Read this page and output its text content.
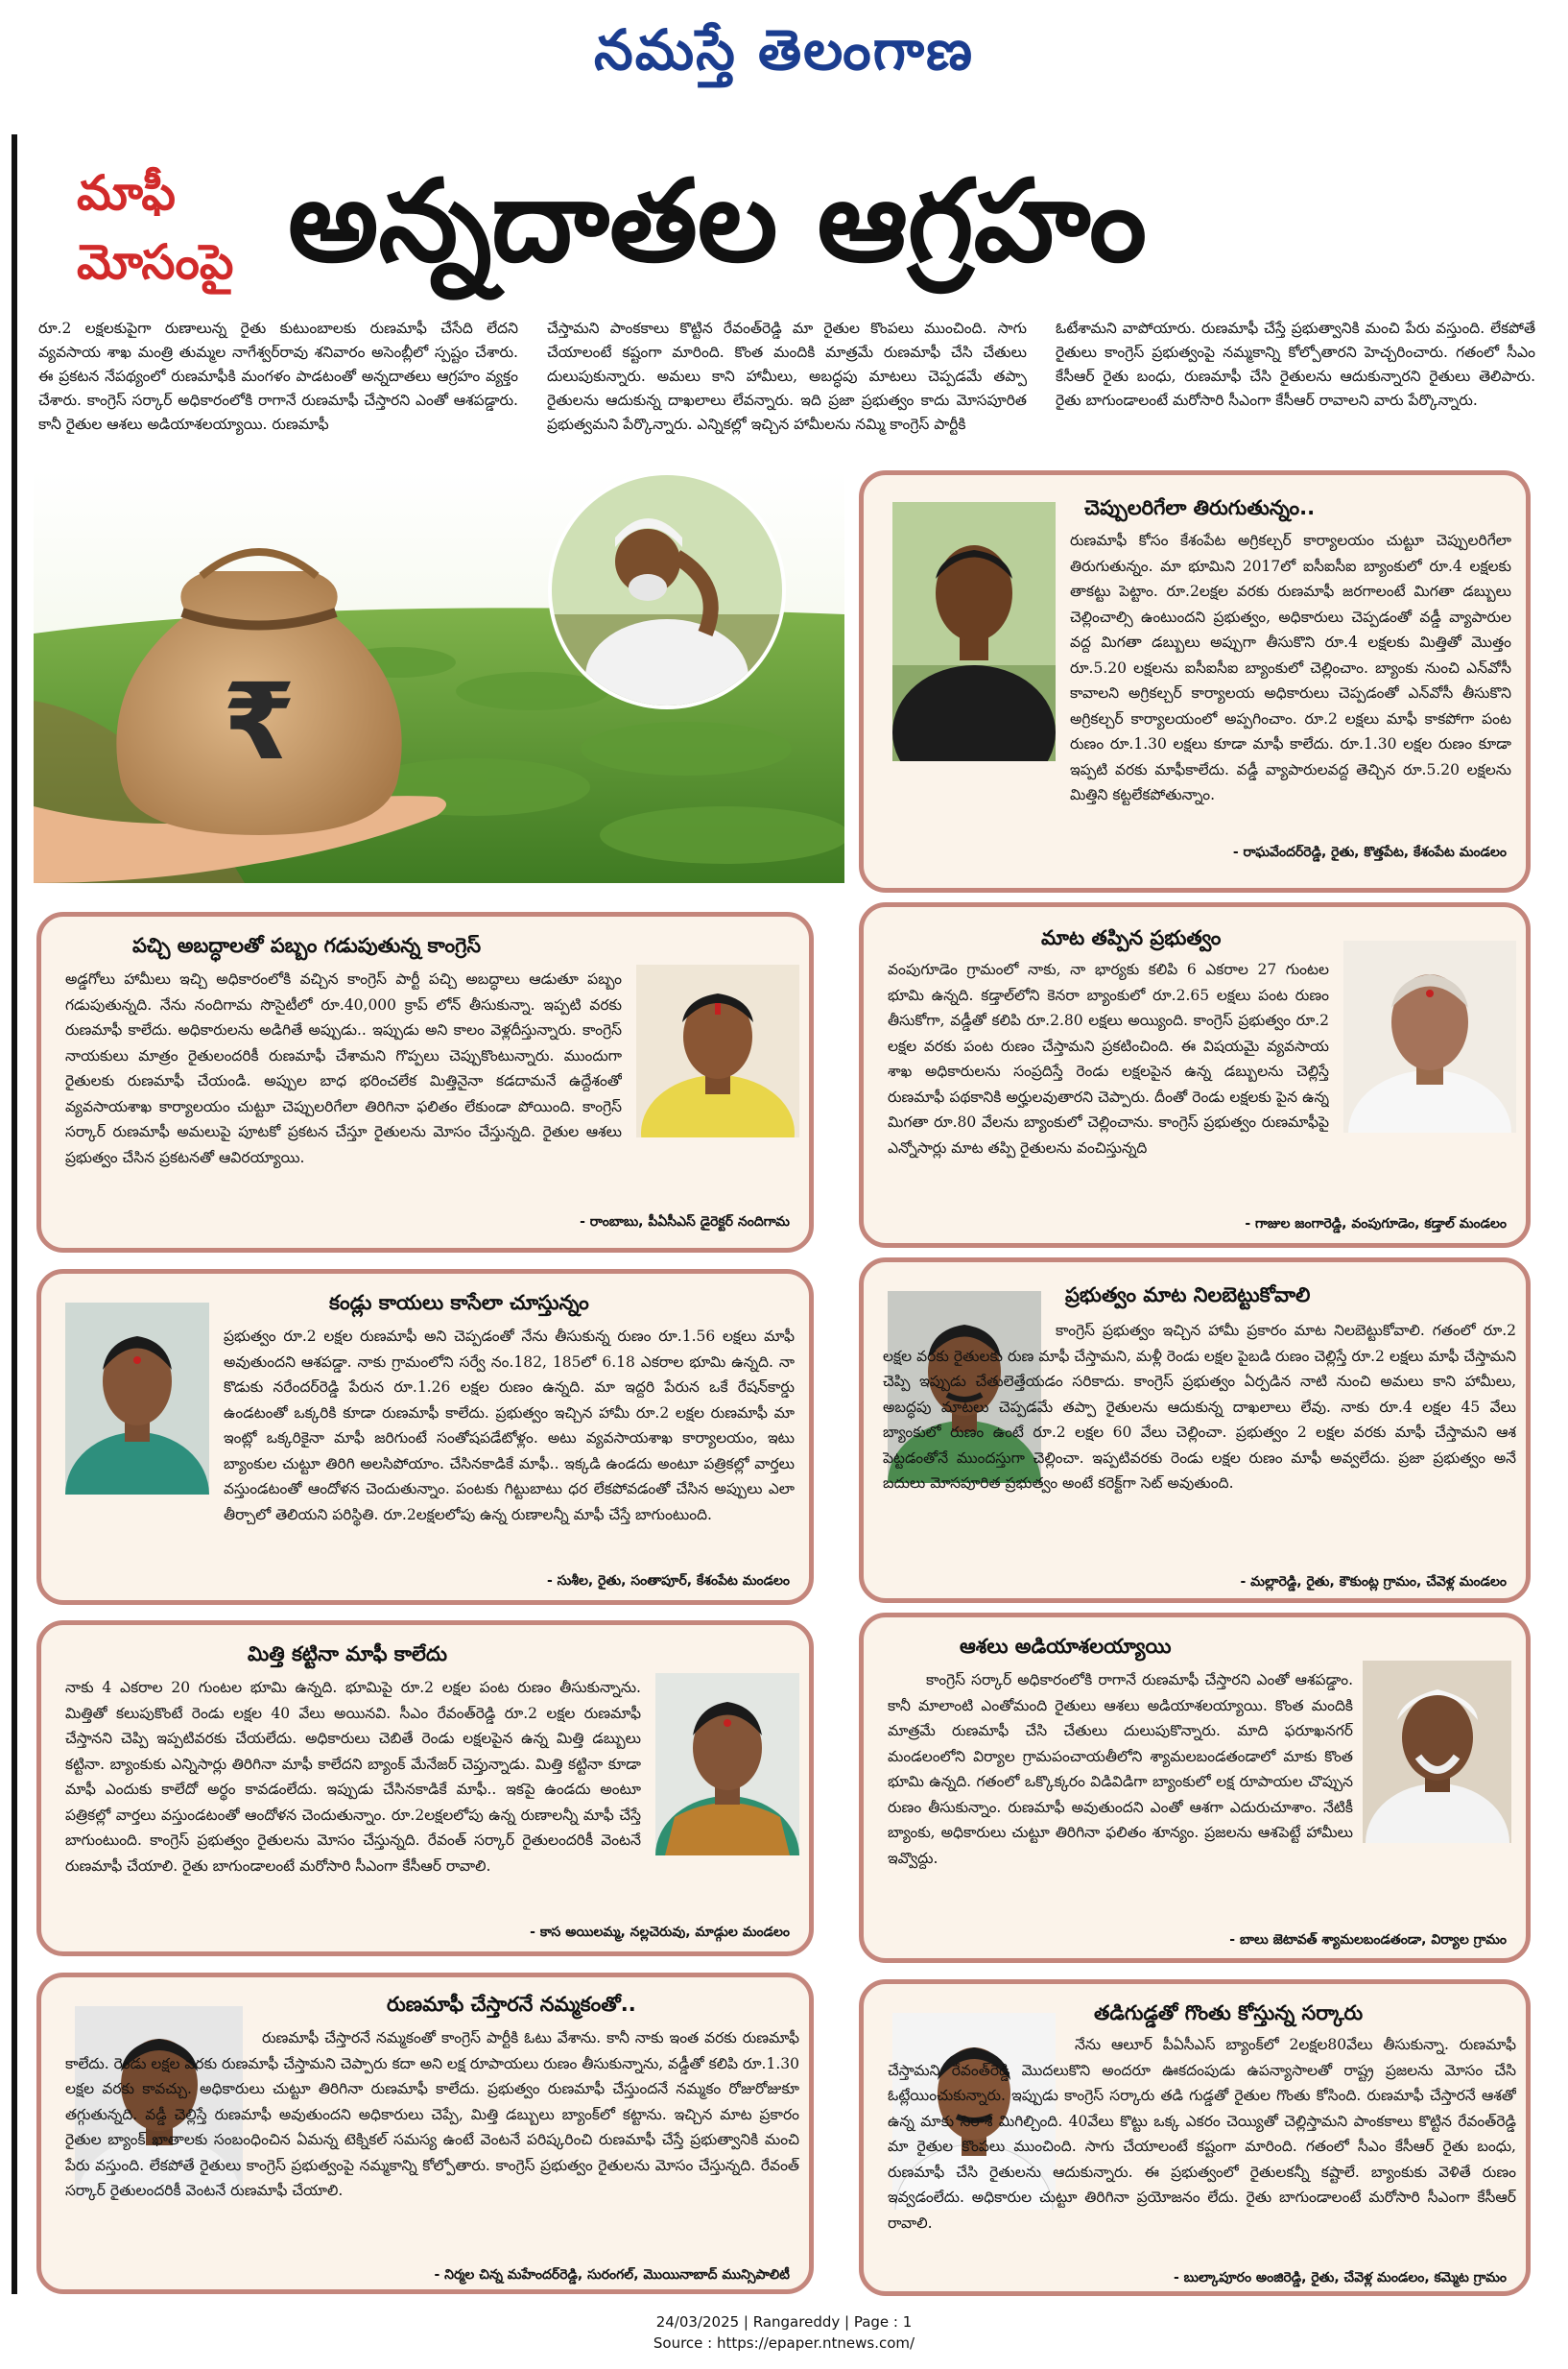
నమస్తే తెలంగాణ
మాఫీ
మోసంపై అన్నదాతల ఆగ్రహం
రూ.2 లక్షలకుపైగా రుణాలున్న రైతు కుటుంబాలకు రుణమాఫీ చేసేది లేదని వ్యవసాయ శాఖ మంత్రి తుమ్మల నాగేశ్వర్‌రావు శనివారం అసెంబ్లీలో స్పష్టం చేశారు. ఈ ప్రకటన నేపథ్యంలో రుణమాఫీకి మంగళం పాడటంతో అన్నదాతలు ఆగ్రహం వ్యక్తం చేశారు. కాంగ్రెస్ సర్కార్ అధికారంలోకి రాగానే రుణమాఫీ చేస్తారని ఎంతో ఆశపడ్డారు. కానీ రైతుల ఆశలు అడియాశలయ్యాయి. రుణమాఫీ
చేస్తామని పాంకకాలు కొట్టిన రేవంత్‌రెడ్డి మా రైతుల కొంపలు ముంచింది. సాగు చేయాలంటే కష్టంగా మారింది. కొంత మందికి మాత్రమే రుణమాఫీ చేసి చేతులు దులుపుకున్నారు. అమలు కాని హామీలు, అబద్ధపు మాటలు చెప్పడమే తప్పా రైతులను ఆదుకున్న దాఖలాలు లేవన్నారు. ఇది ప్రజా ప్రభుత్వం కాదు మోసపూరిత ప్రభుత్వమని పేర్కొన్నారు. ఎన్నికల్లో ఇచ్చిన హామీలను నమ్మి కాంగ్రెస్ పార్టీకి
ఓటేశామని వాపోయారు. రుణమాఫీ చేస్తే ప్రభుత్వానికి మంచి పేరు వస్తుంది. లేకపోతే రైతులు కాంగ్రెస్ ప్రభుత్వంపై నమ్మకాన్ని కోల్పోతారని హెచ్చరించారు. గతంలో సీఎం కేసీఆర్ రైతు బంధు, రుణమాఫీ చేసి రైతులను ఆదుకున్నారని రైతులు తెలిపారు. రైతు బాగుండాలంటే మరోసారి సీఎంగా కేసీఆర్ రావాలని వారు పేర్కొన్నారు.
₹
చెప్పులరిగేలా తిరుగుతున్నం..
రుణమాఫీ కోసం కేశంపేట అగ్రికల్చర్ కార్యాలయం చుట్టూ చెప్పులరిగేలా తిరుగుతున్నం. మా భూమిని 2017లో ఐసీఐసీఐ బ్యాంకులో రూ.4 లక్షలకు తాకట్టు పెట్టాం. రూ.2లక్షల వరకు రుణమాఫీ జరగాలంటే మిగతా డబ్బులు చెల్లించాల్సి ఉంటుందని ప్రభుత్వం, అధికారులు చెప్పడంతో వడ్డీ వ్యాపారుల వద్ద మిగతా డబ్బులు అప్పుగా తీసుకొని రూ.4 లక్షలకు మిత్తితో మొత్తం రూ.5.20 లక్షలను ఐసీఐసీఐ బ్యాంకులో చెల్లించాం. బ్యాంకు నుంచి ఎన్‌వోసీ కావాలని అగ్రికల్చర్ కార్యాలయ అధికారులు చెప్పడంతో ఎన్‌వోసీ తీసుకొని అగ్రికల్చర్ కార్యాలయంలో అప్పగించాం. రూ.2 లక్షలు మాఫీ కాకపోగా పంట రుణం రూ.1.30 లక్షలు కూడా మాఫీ కాలేదు. రూ.1.30 లక్షల రుణం కూడా ఇప్పటి వరకు మాఫీకాలేదు. వడ్డీ వ్యాపారులవద్ద తెచ్చిన రూ.5.20 లక్షలను మిత్తిని కట్టలేకపోతున్నాం.
- రాఘవేందర్‌రెడ్డి, రైతు, కొత్తపేట, కేశంపేట మండలం
పచ్చి అబద్ధాలతో పబ్బం గడుపుతున్న కాంగ్రెస్
అడ్డగోలు హామీలు ఇచ్చి అధికారంలోకి వచ్చిన కాంగ్రెస్ పార్టీ పచ్చి అబద్ధాలు ఆడుతూ పబ్బం గడుపుతున్నది. నేను నందిగామ సొసైటీలో రూ.40,000 క్రాప్ లోన్ తీసుకున్నా. ఇప్పటి వరకు రుణమాఫీ కాలేదు. అధికారులను అడిగితే అప్పుడు.. ఇప్పుడు అని కాలం వెళ్లదీస్తున్నారు. కాంగ్రెస్ నాయకులు మాత్రం రైతులందరికీ రుణమాఫీ చేశామని గొప్పలు చెప్పుకొంటున్నారు. ముందుగా రైతులకు రుణమాఫీ చేయండి. అప్పుల బాధ భరించలేక మిత్తినైనా కడదామనే ఉద్దేశంతో వ్యవసాయశాఖ కార్యాలయం చుట్టూ చెప్పులరిగేలా తిరిగినా ఫలితం లేకుండా పోయింది. కాంగ్రెస్ సర్కార్ రుణమాఫీ అమలుపై పూటకో ప్రకటన చేస్తూ రైతులను మోసం చేస్తున్నది. రైతుల ఆశలు ప్రభుత్వం చేసిన ప్రకటనతో ఆవిరయ్యాయి.
- రాంబాబు, పీఏసీఎస్ డైరెక్టర్ నందిగామ
మాట తప్పిన ప్రభుత్వం
వంపుగూడెం గ్రామంలో నాకు, నా భార్యకు కలిపి 6 ఎకరాల 27 గుంటల భూమి ఉన్నది. కడ్తాల్‌లోని కెనరా బ్యాంకులో రూ.2.65 లక్షలు పంట రుణం తీసుకోగా, వడ్డీతో కలిపి రూ.2.80 లక్షలు అయ్యింది. కాంగ్రెస్ ప్రభుత్వం రూ.2 లక్షల వరకు పంట రుణం చేస్తామని ప్రకటించింది. ఈ విషయమై వ్యవసాయ శాఖ అధికారులను సంప్రదిస్తే రెండు లక్షలపైన ఉన్న డబ్బులను చెల్లిస్తే రుణమాఫీ పథకానికి అర్హులవుతారని చెప్పారు. దీంతో రెండు లక్షలకు పైన ఉన్న మిగతా రూ.80 వేలను బ్యాంకులో చెల్లించాను. కాంగ్రెస్ ప్రభుత్వం రుణమాఫీపై ఎన్నోసార్లు మాట తప్పి రైతులను వంచిస్తున్నది
- గాజుల జంగారెడ్డి, వంపుగూడెం, కడ్తాల్ మండలం
కండ్లు కాయలు కాసేలా చూస్తున్నం
ప్రభుత్వం రూ.2 లక్షల రుణమాఫీ అని చెప్పడంతో నేను తీసుకున్న రుణం రూ.1.56 లక్షలు మాఫీ అవుతుందని ఆశపడ్డా. నాకు గ్రామంలోని సర్వే నం.182, 185లో 6.18 ఎకరాల భూమి ఉన్నది. నా కొడుకు నరేందర్‌రెడ్డి పేరున రూ.1.26 లక్షల రుణం ఉన్నది. మా ఇద్దరి పేరున ఒకే రేషన్‌కార్డు ఉండటంతో ఒక్కరికి కూడా రుణమాఫీ కాలేదు. ప్రభుత్వం ఇచ్చిన హామీ రూ.2 లక్షల రుణమాఫీ మా ఇంట్లో ఒక్కరికైనా మాఫీ జరిగుంటే సంతోషపడేటోళ్లం. అటు వ్యవసాయశాఖ కార్యాలయం, ఇటు బ్యాంకుల చుట్టూ తిరిగి అలసిపోయాం. చేసినకాడికే మాఫీ.. ఇక్కడి ఉండదు అంటూ పత్రికల్లో వార్తలు వస్తుండటంతో ఆందోళన చెందుతున్నాం. పంటకు గిట్టుబాటు ధర లేకపోవడంతో చేసిన అప్పులు ఎలా తీర్చాలో తెలియని పరిస్థితి. రూ.2లక్షలలోపు ఉన్న రుణాలన్నీ మాఫీ చేస్తే బాగుంటుంది.
- సుశీల, రైతు, సంతాపూర్, కేశంపేట మండలం
ప్రభుత్వం మాట నిలబెట్టుకోవాలి
కాంగ్రెస్ ప్రభుత్వం ఇచ్చిన హామీ ప్రకారం మాట నిలబెట్టుకోవాలి. గతంలో రూ.2 లక్షల వరకు రైతులకు రుణ మాఫీ చేస్తామని, మళ్లీ రెండు లక్షల పైబడి రుణం చెల్లిస్తే రూ.2 లక్షలు మాఫీ చేస్తామని చెప్పి ఇప్పుడు చేతులెత్తేయడం సరికాదు. కాంగ్రెస్ ప్రభుత్వం ఏర్పడిన నాటి నుంచి అమలు కాని హామీలు, అబద్ధపు మాటలు చెప్పడమే తప్పా రైతులను ఆదుకున్న దాఖలాలు లేవు. నాకు రూ.4 లక్షల 45 వేలు బ్యాంకులో రుణం ఉంటే రూ.2 లక్షల 60 వేలు చెల్లించా. ప్రభుత్వం 2 లక్షల వరకు మాఫీ చేస్తామని ఆశ పెట్టడంతోనే ముందస్తుగా చెల్లించా. ఇప్పటివరకు రెండు లక్షల రుణం మాఫీ అవ్వలేదు. ప్రజా ప్రభుత్వం అనే బదులు మోసపూరిత ప్రభుత్వం అంటే కరెక్ట్‌గా సెట్ అవుతుంది.
- మల్లారెడ్డి, రైతు, కౌకుంట్ల గ్రామం, చేవెళ్ల మండలం
మిత్తి కట్టినా మాఫీ కాలేదు
నాకు 4 ఎకరాల 20 గుంటల భూమి ఉన్నది. భూమిపై రూ.2 లక్షల పంట రుణం తీసుకున్నాను. మిత్తితో కలుపుకొంటే రెండు లక్షల 40 వేలు అయినవి. సీఎం రేవంత్‌రెడ్డి రూ.2 లక్షల రుణమాఫీ చేస్తానని చెప్పి ఇప్పటివరకు చేయలేదు. అధికారులు చెబితే రెండు లక్షలపైన ఉన్న మిత్తి డబ్బులు కట్టినా. బ్యాంకుకు ఎన్నిసార్లు తిరిగినా మాఫీ కాలేదని బ్యాంక్ మేనేజర్ చెప్తున్నాడు. మిత్తి కట్టినా కూడా మాఫీ ఎందుకు కాలేదో అర్థం కావడంలేదు. ఇప్పుడు చేసినకాడికే మాఫీ.. ఇకపై ఉండదు అంటూ పత్రికల్లో వార్తలు వస్తుండటంతో ఆందోళన చెందుతున్నాం. రూ.2లక్షలలోపు ఉన్న రుణాలన్నీ మాఫీ చేస్తే బాగుంటుంది. కాంగ్రెస్ ప్రభుత్వం రైతులను మోసం చేస్తున్నది. రేవంత్ సర్కార్ రైతులందరికీ వెంటనే రుణమాఫీ చేయాలి. రైతు బాగుండాలంటే మరోసారి సీఎంగా కేసీఆర్ రావాలి.
- కాస అయిలమ్మ, నల్లచెరువు, మాడ్గుల మండలం
ఆశలు అడియాశలయ్యాయి
కాంగ్రెస్ సర్కార్ అధికారంలోకి రాగానే రుణమాఫీ చేస్తారని ఎంతో ఆశపడ్డాం. కానీ మాలాంటి ఎంతోమంది రైతులు ఆశలు అడియాశలయ్యాయి. కొంత మందికి మాత్రమే రుణమాఫీ చేసి చేతులు దులుపుకొన్నారు. మాది ఫరూఖనగర్ మండలంలోని విర్యాల గ్రామపంచాయతీలోని శ్యామలబండతండాలో మాకు కొంత భూమి ఉన్నది. గతంలో ఒక్కొక్కరం విడివిడిగా బ్యాంకులో లక్ష రూపాయల చొప్పున రుణం తీసుకున్నాం. రుణమాఫీ అవుతుందని ఎంతో ఆశగా ఎదురుచూశాం. నేటికీ బ్యాంకు, అధికారులు చుట్టూ తిరిగినా ఫలితం శూన్యం. ప్రజలను ఆశపెట్టే హామీలు ఇవ్వొద్దు.
- బాలు జెటావత్ శ్యామలబండతండా, విర్యాల గ్రామం
రుణమాఫీ చేస్తారనే నమ్మకంతో..
రుణమాఫీ చేస్తారనే నమ్మకంతో కాంగ్రెస్ పార్టీకి ఓటు వేశాను. కానీ నాకు ఇంత వరకు రుణమాఫీ కాలేదు. రెండు లక్షల వరకు రుణమాఫీ చేస్తామని చెప్పారు కదా అని లక్ష రూపాయలు రుణం తీసుకున్నాను, వడ్డీతో కలిపి రూ.1.30 లక్షల వరకు కావచ్చు. అధికారులు చుట్టూ తిరిగినా రుణమాఫీ కాలేదు. ప్రభుత్వం రుణమాఫీ చేస్తుందనే నమ్మకం రోజురోజుకూ తగ్గుతున్నది. వడ్డీ చెల్లిస్తే రుణమాఫీ అవుతుందని అధికారులు చెప్పే, మిత్తి డబ్బులు బ్యాంక్‌లో కట్టాను. ఇచ్చిన మాట ప్రకారం రైతుల బ్యాంక్ ఖాతాలకు సంబంధించిన ఏమన్న టెక్నికల్ సమస్య ఉంటే వెంటనే పరిష్కరించి రుణమాఫీ చేస్తే ప్రభుత్వానికి మంచి పేరు వస్తుంది. లేకపోతే రైతులు కాంగ్రెస్ ప్రభుత్వంపై నమ్మకాన్ని కోల్పోతారు. కాంగ్రెస్ ప్రభుత్వం రైతులను మోసం చేస్తున్నది. రేవంత్ సర్కార్ రైతులందరికీ వెంటనే రుణమాఫీ చేయాలి.
- నిర్మల చిన్న మహేందర్‌రెడ్డి, సురంగల్, మొయినాబాద్ మున్సిపాలిటీ
తడిగుడ్డతో గొంతు కోస్తున్న సర్కారు
నేను ఆలూర్ పీఏసీఎస్ బ్యాంక్‌లో 2లక్షల80వేలు తీసుకున్నా. రుణమాఫీ చేస్తామని రేవంత్‌రెడ్డి మొదలుకొని అందరూ ఊకదంపుడు ఉపన్యాసాలతో రాష్ట్ర ప్రజలను మోసం చేసి ఓట్లేయించుకున్నారు. ఇప్పుడు కాంగ్రెస్ సర్కారు తడి గుడ్డతో రైతుల గొంతు కోసింది. రుణమాఫీ చేస్తారనే ఆశతో ఉన్న మాకు నిరాశే మిగిల్చింది. 40వేలు కొట్టు ఒక్క ఎకరం చెయ్యితో చెల్లిస్తామని పాంకకాలు కొట్టిన రేవంత్‌రెడ్డి మా రైతుల కొంపలు ముంచింది. సాగు చేయాలంటే కష్టంగా మారింది. గతంలో సీఎం కేసీఆర్ రైతు బంధు, రుణమాఫీ చేసి రైతులను ఆదుకున్నారు. ఈ ప్రభుత్వంలో రైతులకన్నీ కష్టాలే. బ్యాంకుకు వెళితే రుణం ఇవ్వడంలేదు. అధికారుల చుట్టూ తిరిగినా ప్రయోజనం లేదు. రైతు బాగుండాలంటే మరోసారి సీఎంగా కేసీఆర్ రావాలి.
- బుల్కాపూరం అంజిరెడ్డి, రైతు, చేవెళ్ల మండలం, కమ్మెట గ్రామం
24/03/2025 | Rangareddy | Page : 1
Source : https://epaper.ntnews.com/
